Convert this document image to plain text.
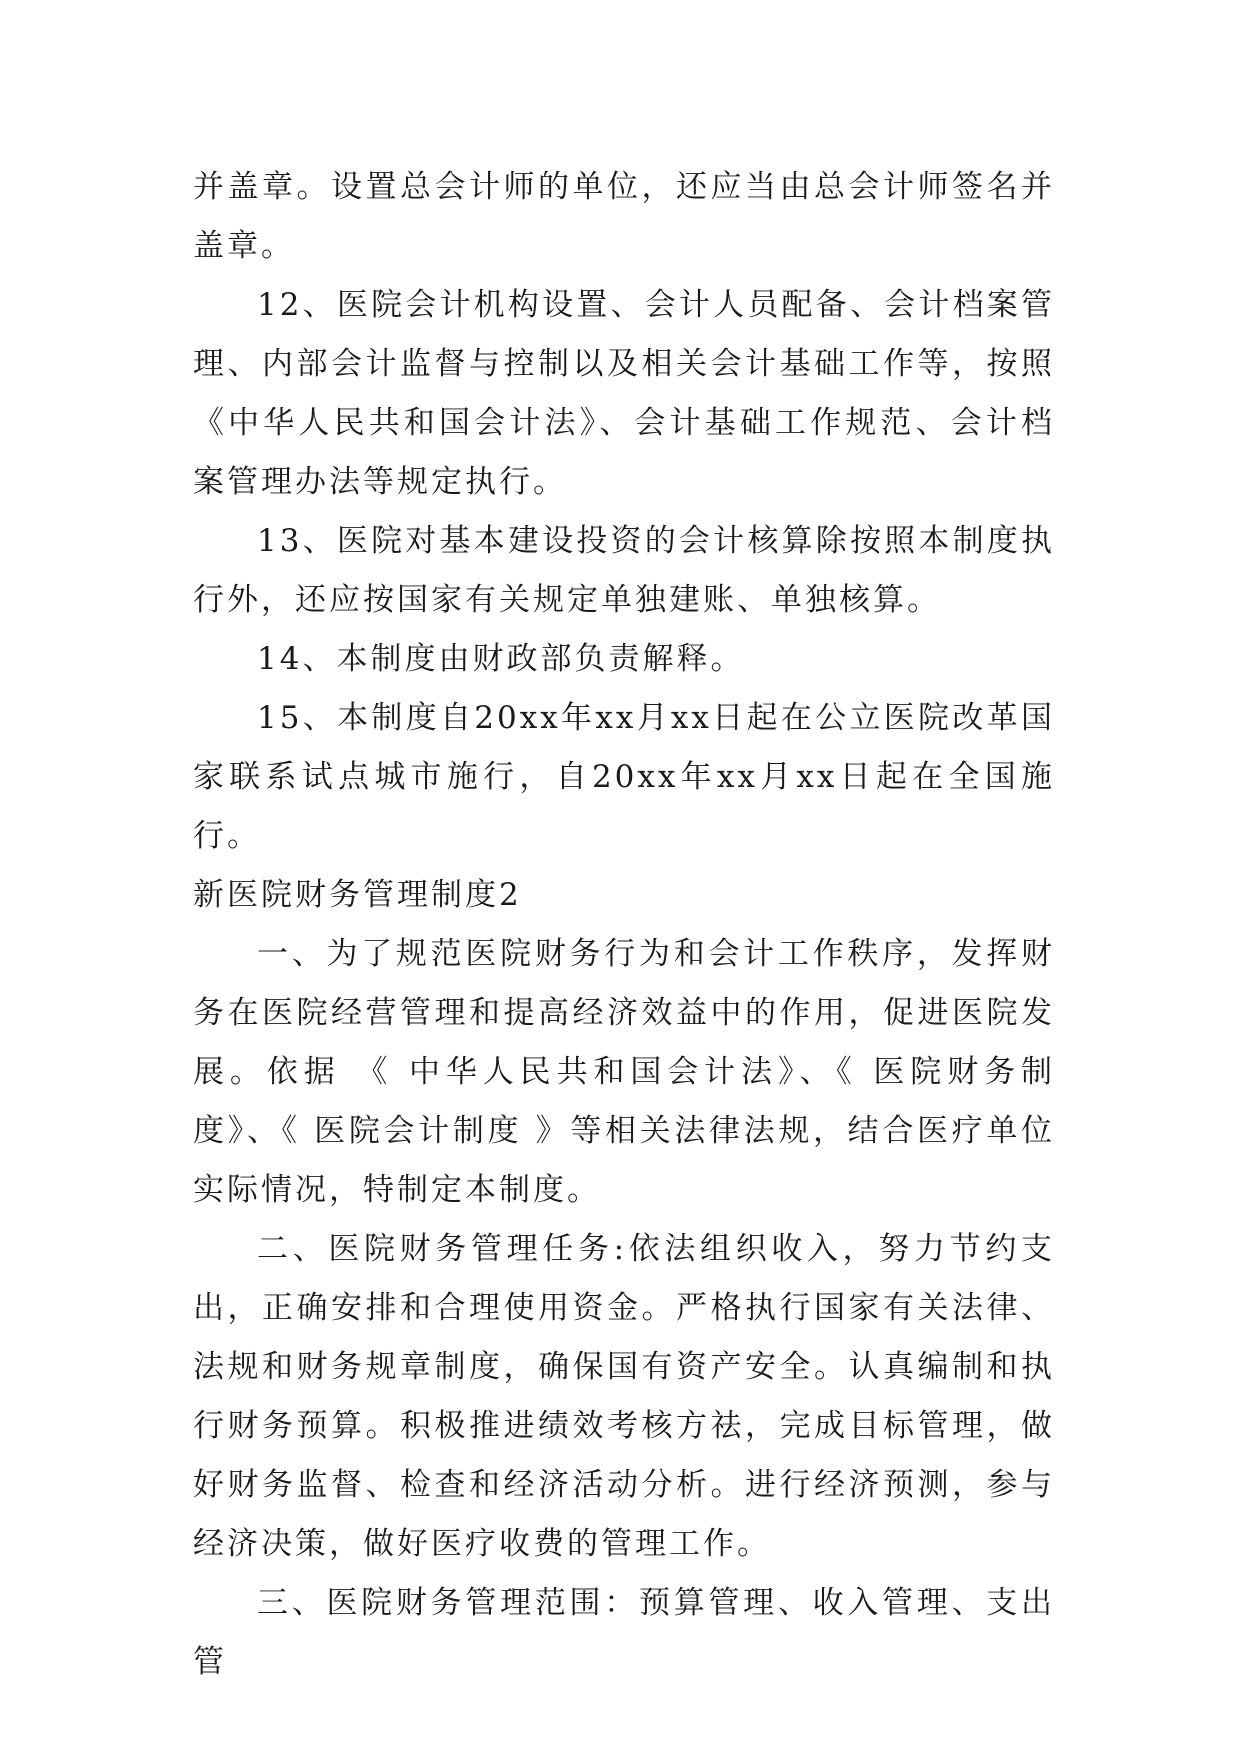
并盖章。设置总会计师的单位，还应当由总会计师签名并盖章。

12、医院会计机构设置、会计人员配备、会计档案管理、内部会计监督与控制以及相关会计基础工作等，按照《中华人民共和国会计法》、会计基础工作规范、会计档案管理办法等规定执行。

13、医院对基本建设投资的会计核算除按照本制度执行外，还应按国家有关规定单独建账、单独核算。

14、本制度由财政部负责解释。

15、本制度自20xx年xx月xx日起在公立医院改革国家联系试点城市施行，自20xx年xx月xx日起在全国施行。

新医院财务管理制度2

一、为了规范医院财务行为和会计工作秩序，发挥财务在医院经营管理和提高经济效益中的作用，促进医院发展。依据 《 中华人民共和国会计法》、《 医院财务制度》、《 医院会计制度 》等相关法律法规，结合医疗单位实际情况，特制定本制度。

二、医院财务管理任务:依法组织收入，努力节约支出，正确安排和合理使用资金。严格执行国家有关法律、法规和财务规章制度，确保国有资产安全。认真编制和执行财务预算。积极推进绩效考核方祛，完成目标管理，做好财务监督、检查和经济活动分析。进行经济预测，参与经济决策，做好医疗收费的管理工作。

三、医院财务管理范围：预算管理、收入管理、支出管
